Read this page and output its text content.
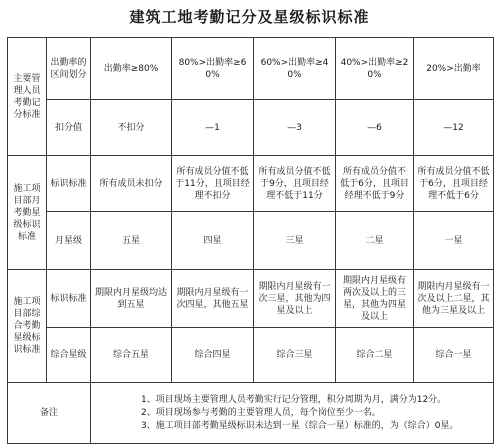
建筑工地考勤记分及星级标识标准
主要管理人员考勤记分标准	出勤率的区间划分	出勤率≥80%	80%>出勤率≥60%	60%>出勤率≥40%	40%>出勤率≥20%	20%>出勤率
	扣分值	不扣分	—1	—3	—6	—12
施工项目部月考勤星级标识标准	标识标准	所有成员未扣分	所有成员分值不低于11分，且项目经理不扣分	所有成员分值不低于9分，且项目经理不低于11分	所有成员分值不低于6分，且项目经理不低于9分	所有成员分值不低于6分，且项目经理不低于6分
	月星级	五星	四星	三星	二星	一星
施工项目部综合考勤星级标识标准	标识标准	期限内月星级均达到五星	期限内月星级有一次四星，其他五星	期限内月星级有一次三星，其他为四星及以上	期限内月星级有两次及以上的三星，其他为四星及以上	期限内月星级有一次及以上二星，其他为三星及以上
	综合星级	综合五星	综合四星	综合三星	综合二星	综合一星
备注		1、项目现场主要管理人员考勤实行记分管理，积分周期为月，满分为12分。
2、项目现场参与考勤的主要管理人员，每个岗位至少一名。
3、施工项目部考勤星级标识未达到一星（综合一星）标准的，为（综合）0星。				
